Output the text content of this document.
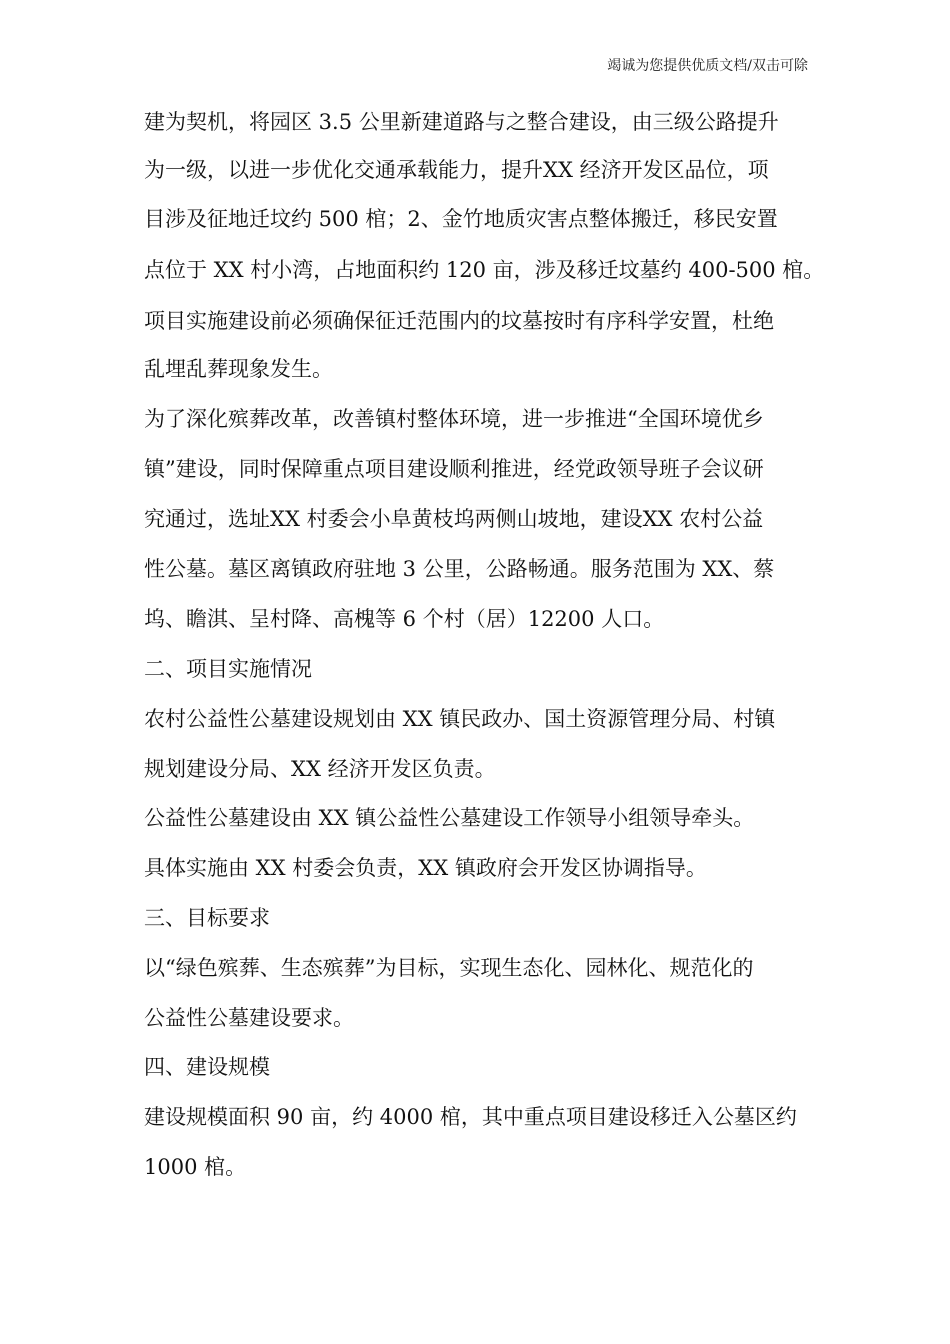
竭诚为您提供优质文档/双击可除
建为契机，将园区 3.5 公里新建道路与之整合建设，由三级公路提升
为一级，以进一步优化交通承载能力，提升XX 经济开发区品位，项
目涉及征地迁坟约 500 棺；2、金竹地质灾害点整体搬迁，移民安置
点位于 XX 村小湾，占地面积约 120 亩，涉及移迁坟墓约 400-500 棺。
项目实施建设前必须确保征迁范围内的坟墓按时有序科学安置，杜绝
乱埋乱葬现象发生。
为了深化殡葬改革，改善镇村整体环境，进一步推进“全国环境优乡
镇”建设，同时保障重点项目建设顺利推进，经党政领导班子会议研
究通过，选址XX 村委会小阜黄枝坞两侧山坡地，建设XX 农村公益
性公墓。墓区离镇政府驻地 3 公里，公路畅通。服务范围为 XX、蔡
坞、瞻淇、呈村降、高槐等 6 个村（居）12200 人口。
二、项目实施情况
农村公益性公墓建设规划由 XX 镇民政办、国土资源管理分局、村镇
规划建设分局、XX 经济开发区负责。
公益性公墓建设由 XX 镇公益性公墓建设工作领导小组领导牵头。
具体实施由 XX 村委会负责，XX 镇政府会开发区协调指导。
三、目标要求
以“绿色殡葬、生态殡葬”为目标，实现生态化、园林化、规范化的
公益性公墓建设要求。
四、建设规模
建设规模面积 90 亩，约 4000 棺，其中重点项目建设移迁入公墓区约
1000 棺。
